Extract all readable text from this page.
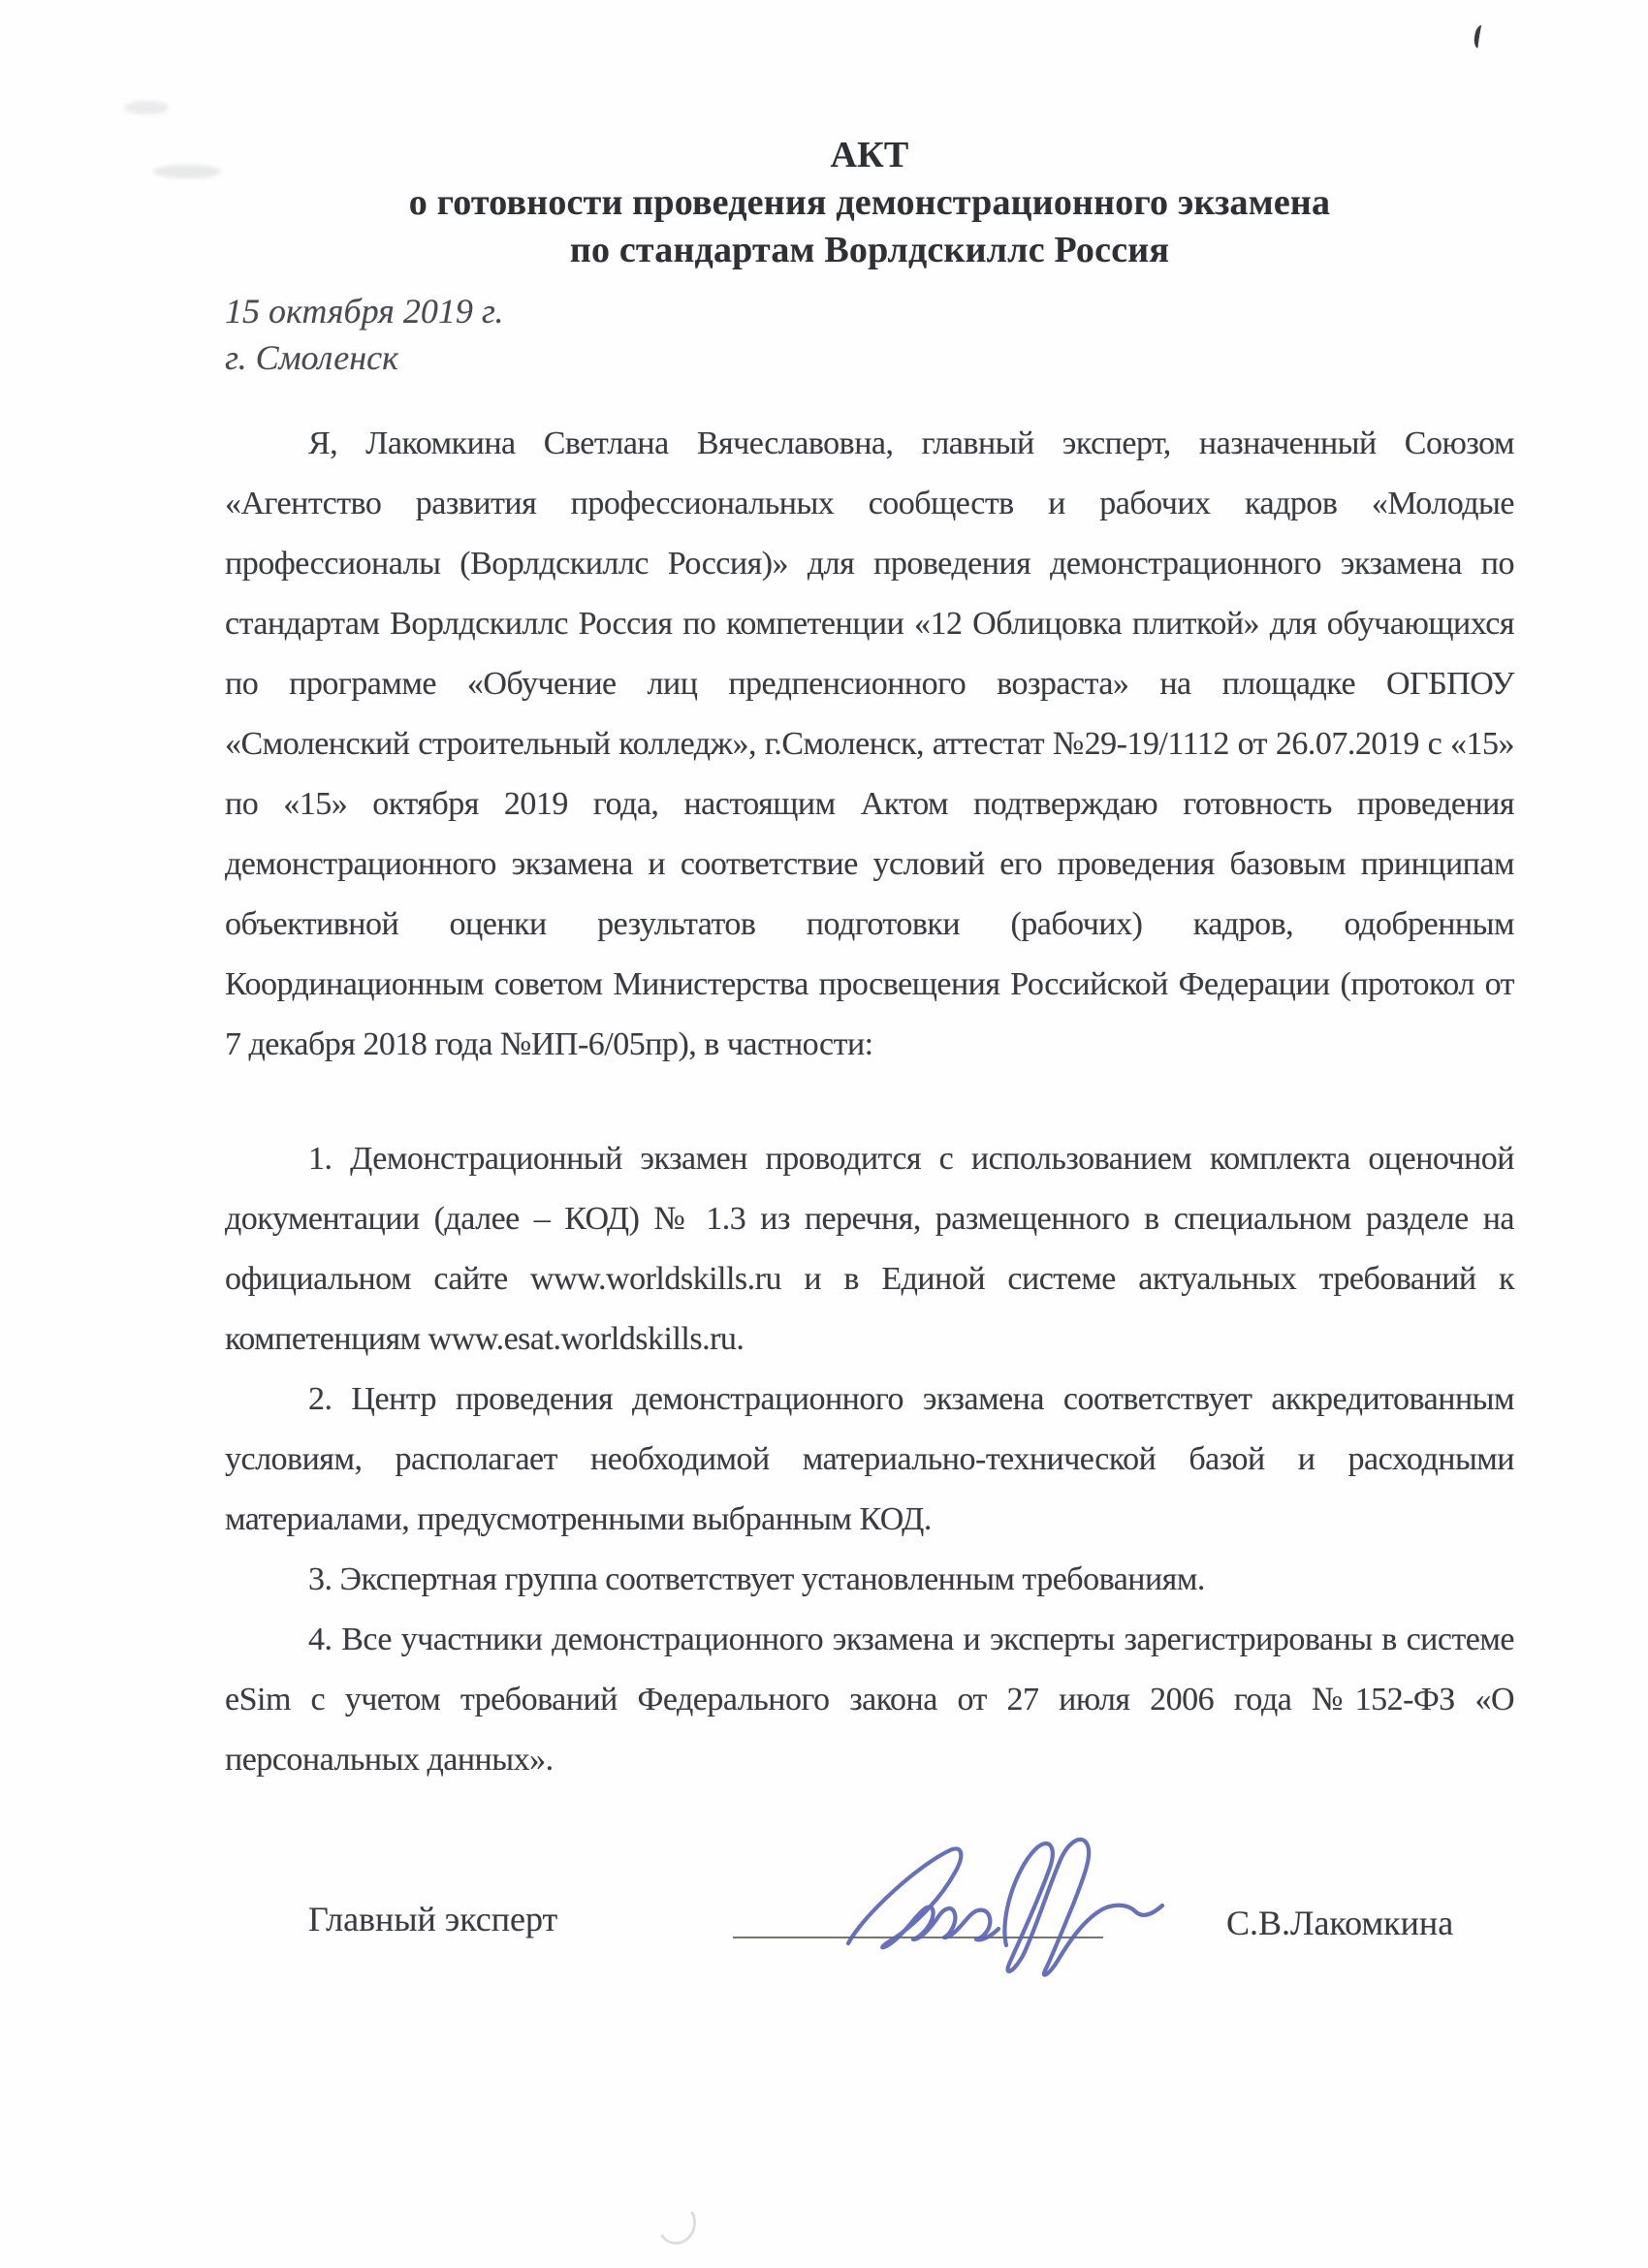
АКТ
о готовности проведения демонстрационного экзамена
по стандартам Ворлдскиллс Россия
15 октября 2019 г.
г. Смоленск

Я, Лакомкина Светлана Вячеславовна, главный эксперт, назначенный Союзом «Агентство развития профессиональных сообществ и рабочих кадров «Молодые профессионалы (Ворлдскиллс Россия)» для проведения демонстрационного экзамена по стандартам Ворлдскиллс Россия по компетенции «12 Облицовка плиткой» для обучающихся по программе «Обучение лиц предпенсионного возраста» на площадке ОГБПОУ «Смоленский строительный колледж», г.Смоленск, аттестат №29-19/1112 от 26.07.2019 с «15» по «15» октября 2019 года, настоящим Актом подтверждаю готовность проведения демонстрационного экзамена и соответствие условий его проведения базовым принципам объективной оценки результатов подготовки (рабочих) кадров, одобренным Координационным советом Министерства просвещения Российской Федерации (протокол от 7 декабря 2018 года №ИП-6/05пр), в частности:

1. Демонстрационный экзамен проводится с использованием комплекта оценочной документации (далее – КОД) № 1.3 из перечня, размещенного в специальном разделе на официальном сайте www.worldskills.ru и в Единой системе актуальных требований к компетенциям www.esat.worldskills.ru.

2. Центр проведения демонстрационного экзамена соответствует аккредитованным условиям, располагает необходимой материально-технической базой и расходными материалами, предусмотренными выбранным КОД.

3. Экспертная группа соответствует установленным требованиям.

4. Все участники демонстрационного экзамена и эксперты зарегистрированы в системе eSim с учетом требований Федерального закона от 27 июля 2006 года №152-ФЗ «О персональных данных».

Главный эксперт	С.В.Лакомкина
